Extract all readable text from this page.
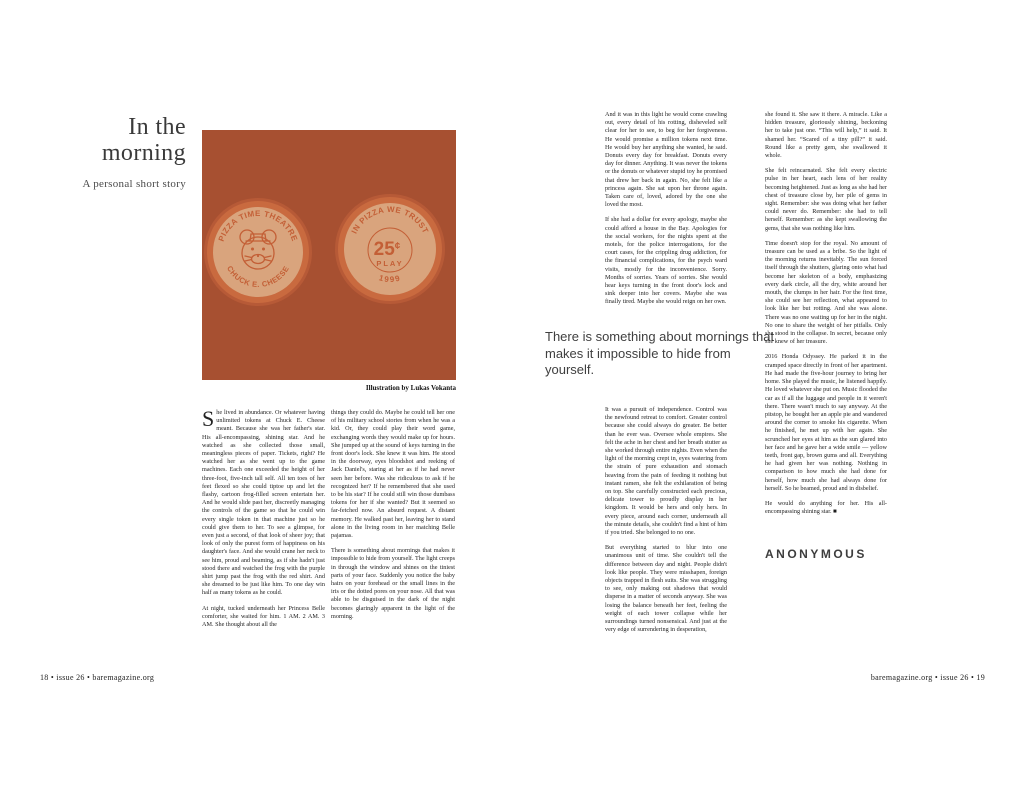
In the
morning
A personal short story
PIZZA TIME THEATRE
CHUCK E. CHEESE
IN PIZZA WE TRUST
25¢
PLAY
1999
Illustration by Lukas Vokanta

She lived in abundance. Or whatever having unlimited tokens at Chuck E. Cheese meant. Because she was her father's star. His all-encompassing, shining star. And he watched as she collected those small, meaningless pieces of paper. Tickets, right? He watched her as she went up to the game machines. Each one exceeded the height of her three-foot, five-inch tall self. All ten toes of her feet flexed so she could tiptoe up and let the flashy, cartoon frog-filled screen entertain her. And he would slide past her, discreetly managing the controls of the game so that he could win every single token in that machine just so he could give them to her. To see a glimpse, for even just a second, of that look of sheer joy; that look of only the purest form of happiness on his daughter's face. And she would crane her neck to see him, proud and beaming, as if she hadn't just stood there and watched the frog with the purple shirt jump past the frog with the red shirt. And she dreamed to be just like him. To one day win half as many tokens as he could.

At night, tucked underneath her Princess Belle comforter, she waited for him. 1 AM. 2 AM. 3 AM. She thought about all the

things they could do. Maybe he could tell her one of his military school stories from when he was a kid. Or, they could play their word game, exchanging words they would make up for hours. She jumped up at the sound of keys turning in the front door's lock. She knew it was him. He stood in the doorway, eyes bloodshot and reeking of Jack Daniel's, staring at her as if he had never seen her before. Was she ridiculous to ask if he recognized her? If he remembered that she used to be his star? If he could still win those dumbass tokens for her if she wanted? But it seemed so far-fetched now. An absurd request. A distant memory. He walked past her, leaving her to stand alone in the living room in her matching Belle pajamas.

There is something about mornings that makes it impossible to hide from yourself. The light creeps in through the window and shines on the tiniest parts of your face. Suddenly you notice the baby hairs on your forehead or the small lines in the iris or the dotted pores on your nose. All that was able to be disguised in the dark of the night becomes glaringly apparent in the light of the morning.

18 • issue 26 • baremagazine.org

And it was in this light he would come crawling out, every detail of his rotting, disheveled self clear for her to see, to beg for her forgiveness. He would promise a million tokens next time. He would buy her anything she wanted, he said. Donuts every day for breakfast. Donuts every day for dinner. Anything. It was never the tokens or the donuts or whatever stupid toy he promised that drew her back in again. No, she felt like a princess again. She sat upon her throne again. Taken care of, loved, adored by the one she loved the most.

If she had a dollar for every apology, maybe she could afford a house in the Bay. Apologies for the social workers, for the nights spent at the motels, for the police interrogations, for the court cases, for the crippling drug addiction, for the financial complications, for the psych ward visits, mostly for the inconvenience. Sorry. Months of sorries. Years of sorries. She would hear keys turning in the front door's lock and sink deeper into her covers. Maybe she was finally tired. Maybe she would reign on her own.

There is something about mornings that makes it impossible to hide from yourself.

It was a pursuit of independence. Control was the newfound retreat to comfort. Greater control because she could always do greater. Be better than he ever was. Oversee whole empires. She felt the ache in her chest and her breath stutter as she worked through entire nights. Even when the light of the morning crept in, eyes watering from the strain of pure exhaustion and stomach heaving from the pain of feeding it nothing but instant ramen, she felt the exhilaration of being on top. She carefully constructed each precious, delicate tower to proudly display in her kingdom. It would be hers and only hers. In every piece, around each corner, underneath all the minute details, she couldn't find a hint of him if you tried. She belonged to no one.

But everything started to blur into one unanimous unit of time. She couldn't tell the difference between day and night. People didn't look like people. They were misshapen, foreign objects trapped in flesh suits. She was struggling to see, only making out shadows that would disperse in a matter of seconds anyway. She was losing the balance beneath her feet, feeling the weight of each tower collapse while her surroundings turned nonsensical. And just at the very edge of surrendering in desperation,

she found it. She saw it there. A miracle. Like a hidden treasure, gloriously shining, beckoning her to take just one. “This will help,” it said. It shamed her. “Scared of a tiny pill?” it said. Round like a pretty gem, she swallowed it whole.

She felt reincarnated. She felt every electric pulse in her heart, each lens of her reality becoming heightened. Just as long as she had her chest of treasure close by, her pile of gems in sight. Remember: she was doing what her father could never do. Remember: she had to tell herself. Remember: as she kept swallowing the gems, that she was nothing like him.

Time doesn't stop for the royal. No amount of treasure can be used as a bribe. So the light of the morning returns inevitably. The sun forced itself through the shutters, glaring onto what had become her skeleton of a body, emphasizing every dark circle, all the dry, white around her mouth, the clumps in her hair. For the first time, she could see her reflection, what appeared to look like her but rotting. And she was alone. There was no one waiting up for her in the night. No one to share the weight of her pitfalls. Only she stood in the collapse. In secret, because only she knew of her treasure.

2016 Honda Odyssey. He parked it in the cramped space directly in front of her apartment. He had made the five-hour journey to bring her home. She played the music, he listened happily. He loved whatever she put on. Music flooded the car as if all the luggage and people in it weren't there. There wasn't much to say anyway. At the pitstop, he bought her an apple pie and wandered around the corner to smoke his cigarette. When he finished, he met up with her again. She scrunched her eyes at him as the sun glared into her face and he gave her a wide smile — yellow teeth, front gap, brown gums and all. Everything he had given her was nothing. Nothing in comparison to how much she had done for herself, how much she had always done for herself. So he beamed, proud and in disbelief.

He would do anything for her. His all-encompassing shining star. ■

ANONYMOUS
baremagazine.org • issue 26 • 19
